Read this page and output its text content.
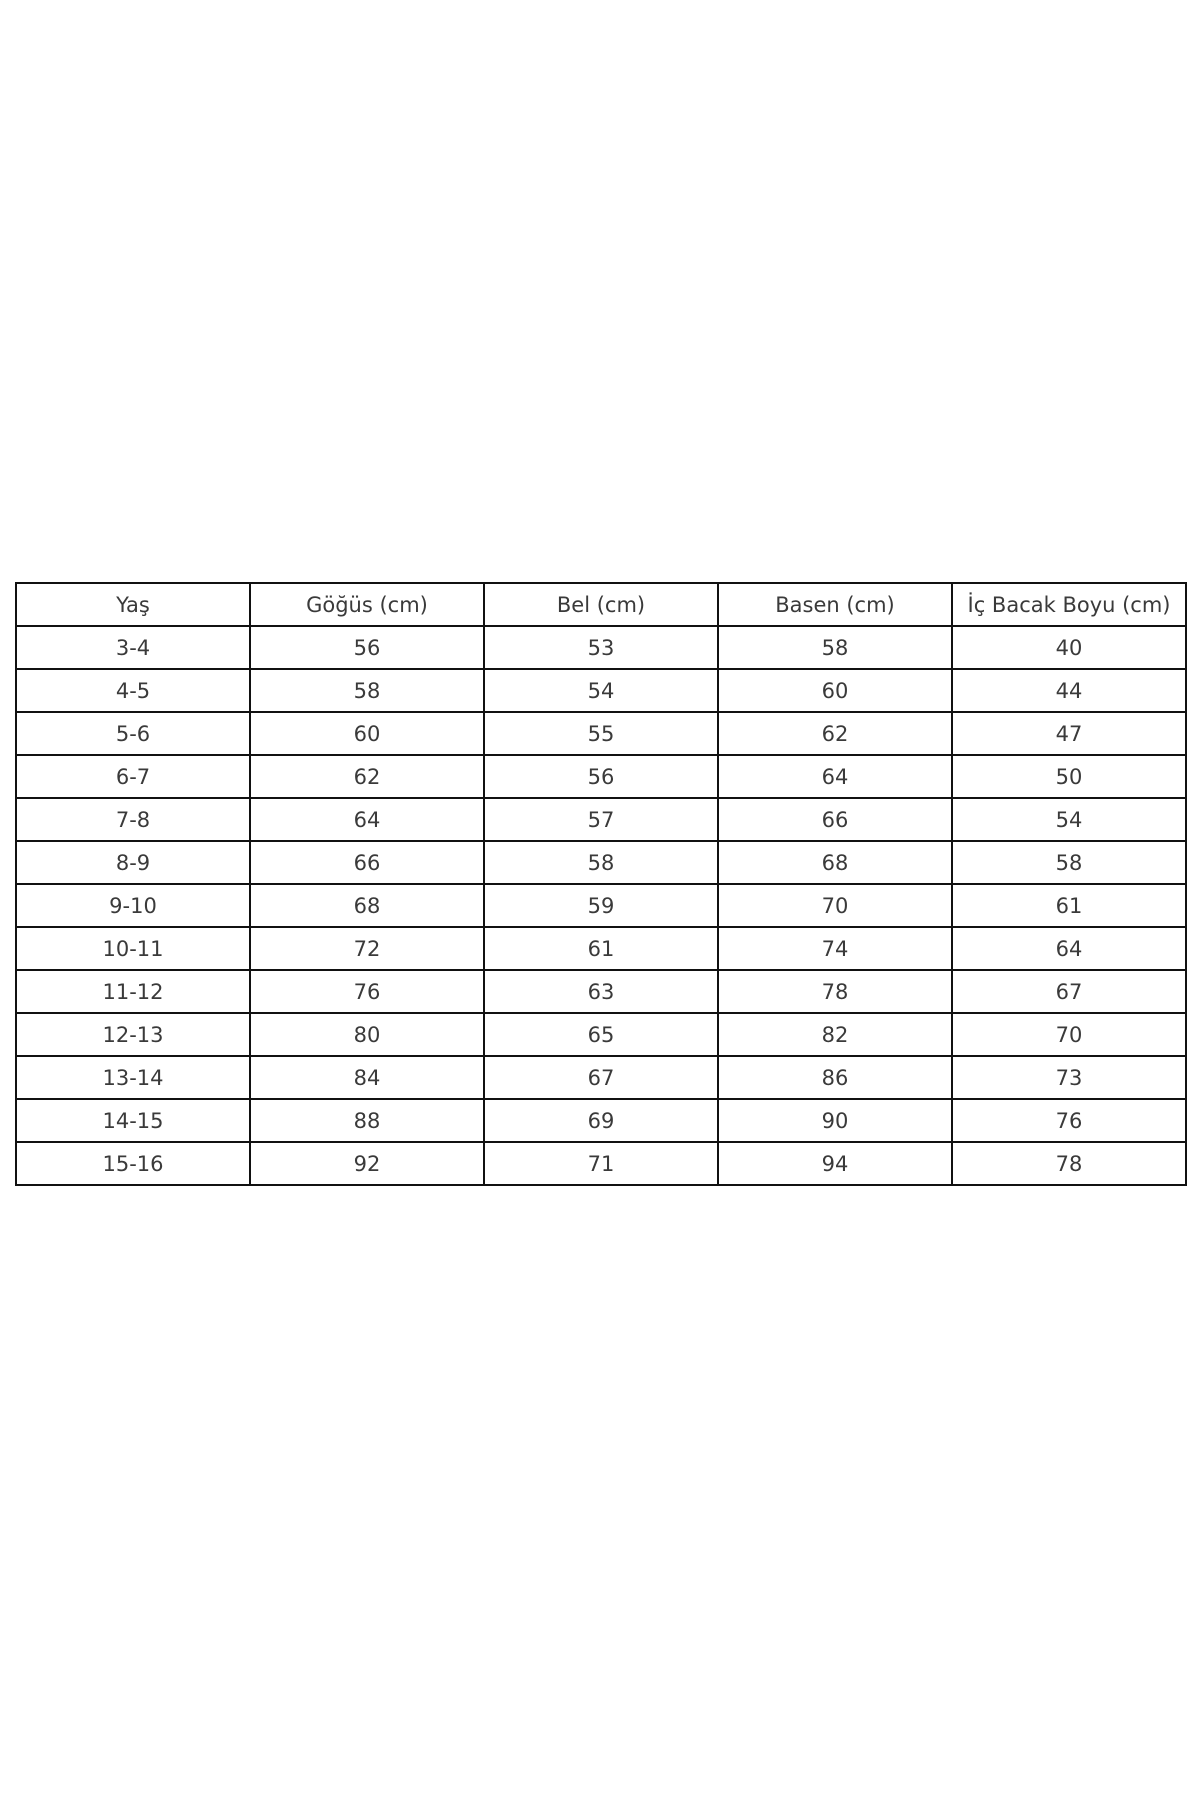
Yaş	Göğüs (cm)	Bel (cm)	Basen (cm)	İç Bacak Boyu (cm)
3-4	56	53	58	40
4-5	58	54	60	44
5-6	60	55	62	47
6-7	62	56	64	50
7-8	64	57	66	54
8-9	66	58	68	58
9-10	68	59	70	61
10-11	72	61	74	64
11-12	76	63	78	67
12-13	80	65	82	70
13-14	84	67	86	73
14-15	88	69	90	76
15-16	92	71	94	78
